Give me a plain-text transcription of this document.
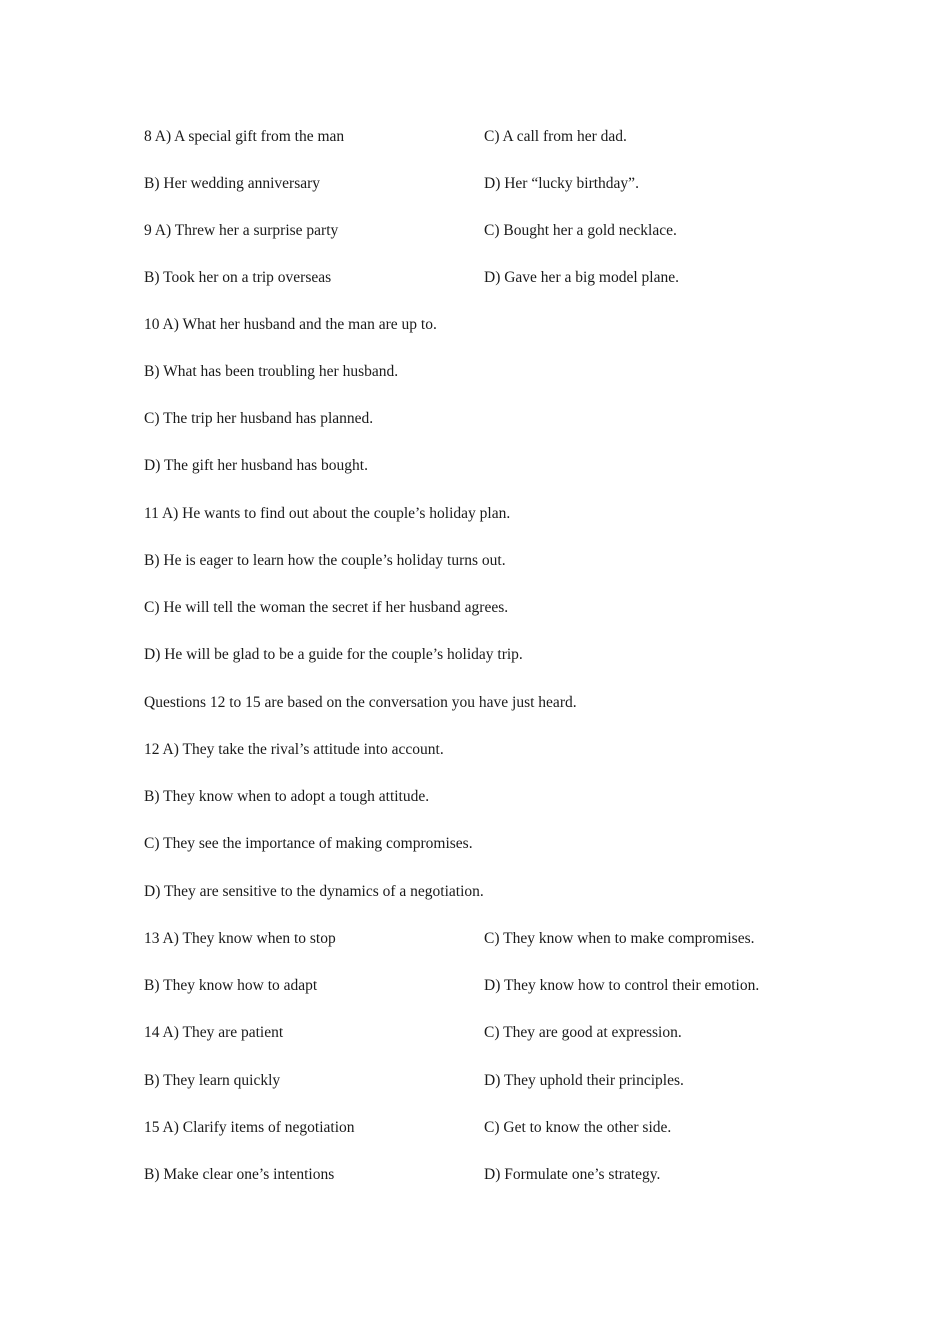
8 A) A special gift from the man	C) A call from her dad.
B) Her wedding anniversary	D) Her “lucky birthday”.
9 A) Threw her a surprise party	C) Bought her a gold necklace.
B) Took her on a trip overseas	D) Gave her a big model plane.
10 A) What her husband and the man are up to.
B) What has been troubling her husband.
C) The trip her husband has planned.
D) The gift her husband has bought.
11 A) He wants to find out about the couple’s holiday plan.
B) He is eager to learn how the couple’s holiday turns out.
C) He will tell the woman the secret if her husband agrees.
D) He will be glad to be a guide for the couple’s holiday trip.
Questions 12 to 15 are based on the conversation you have just heard.
12 A) They take the rival’s attitude into account.
B) They know when to adopt a tough attitude.
C) They see the importance of making compromises.
D) They are sensitive to the dynamics of a negotiation.
13 A) They know when to stop	C) They know when to make compromises.
B) They know how to adapt	D) They know how to control their emotion.
14 A) They are patient	C) They are good at expression.
B) They learn quickly	D) They uphold their principles.
15 A) Clarify items of negotiation	C) Get to know the other side.
B) Make clear one’s intentions	D) Formulate one’s strategy.
